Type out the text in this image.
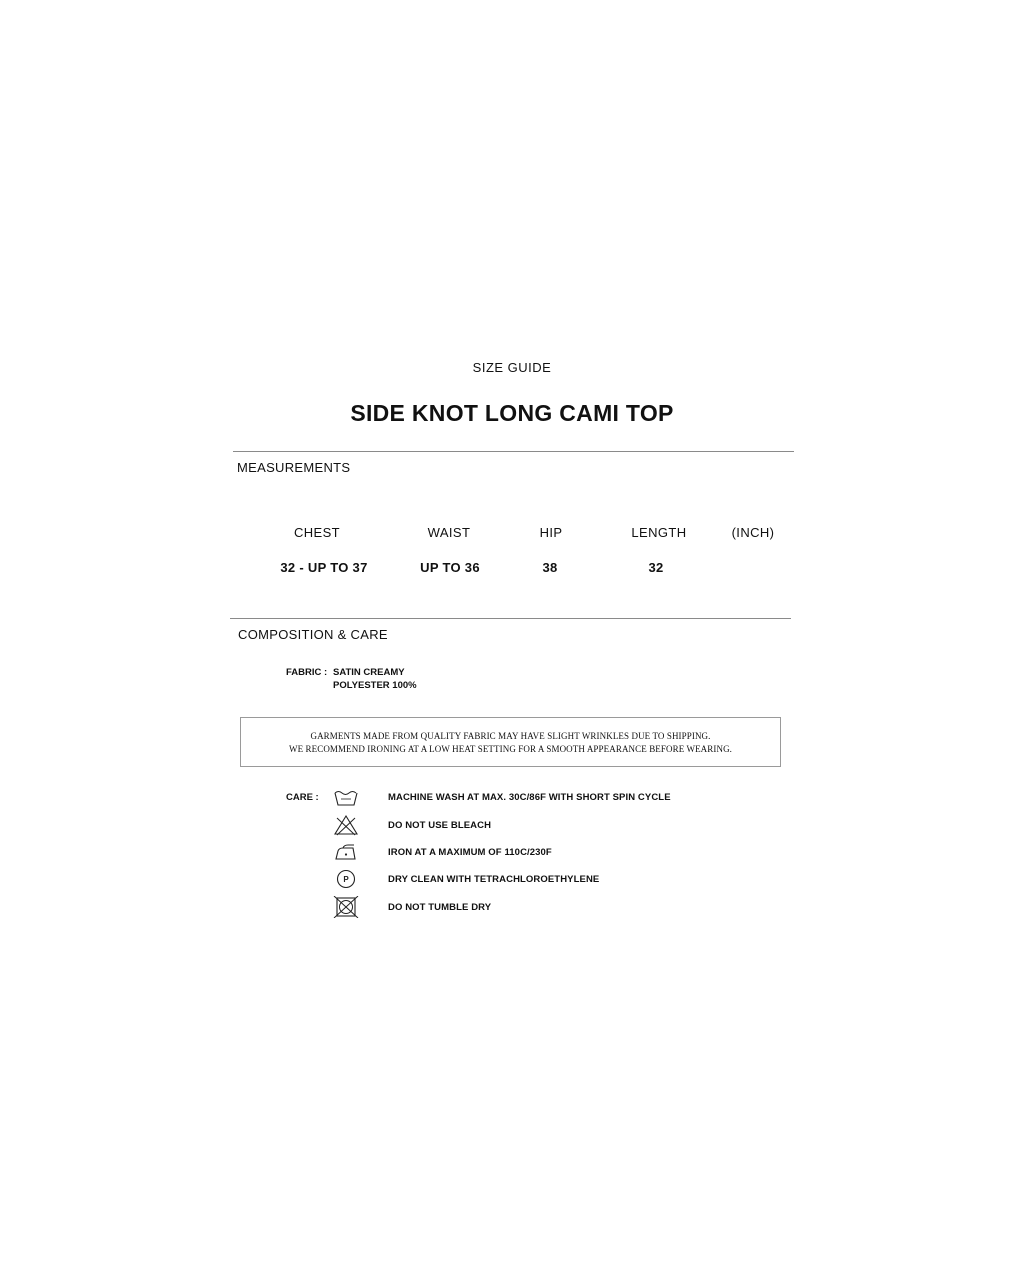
SIZE GUIDE
SIDE KNOT LONG CAMI TOP
MEASUREMENTS
CHEST	WAIST	HIP	LENGTH	(INCH)
32 - UP TO 37	UP TO 36	38	32
COMPOSITION & CARE
FABRIC : SATIN CREAMY
POLYESTER 100%
GARMENTS MADE FROM QUALITY FABRIC MAY HAVE SLIGHT WRINKLES DUE TO SHIPPING.
WE RECOMMEND IRONING AT A LOW HEAT SETTING FOR A SMOOTH APPEARANCE BEFORE WEARING.
CARE :	MACHINE WASH AT MAX. 30C/86F WITH SHORT SPIN CYCLE
DO NOT USE BLEACH
IRON AT A MAXIMUM OF 110C/230F
P	DRY CLEAN WITH TETRACHLOROETHYLENE
DO NOT TUMBLE DRY
